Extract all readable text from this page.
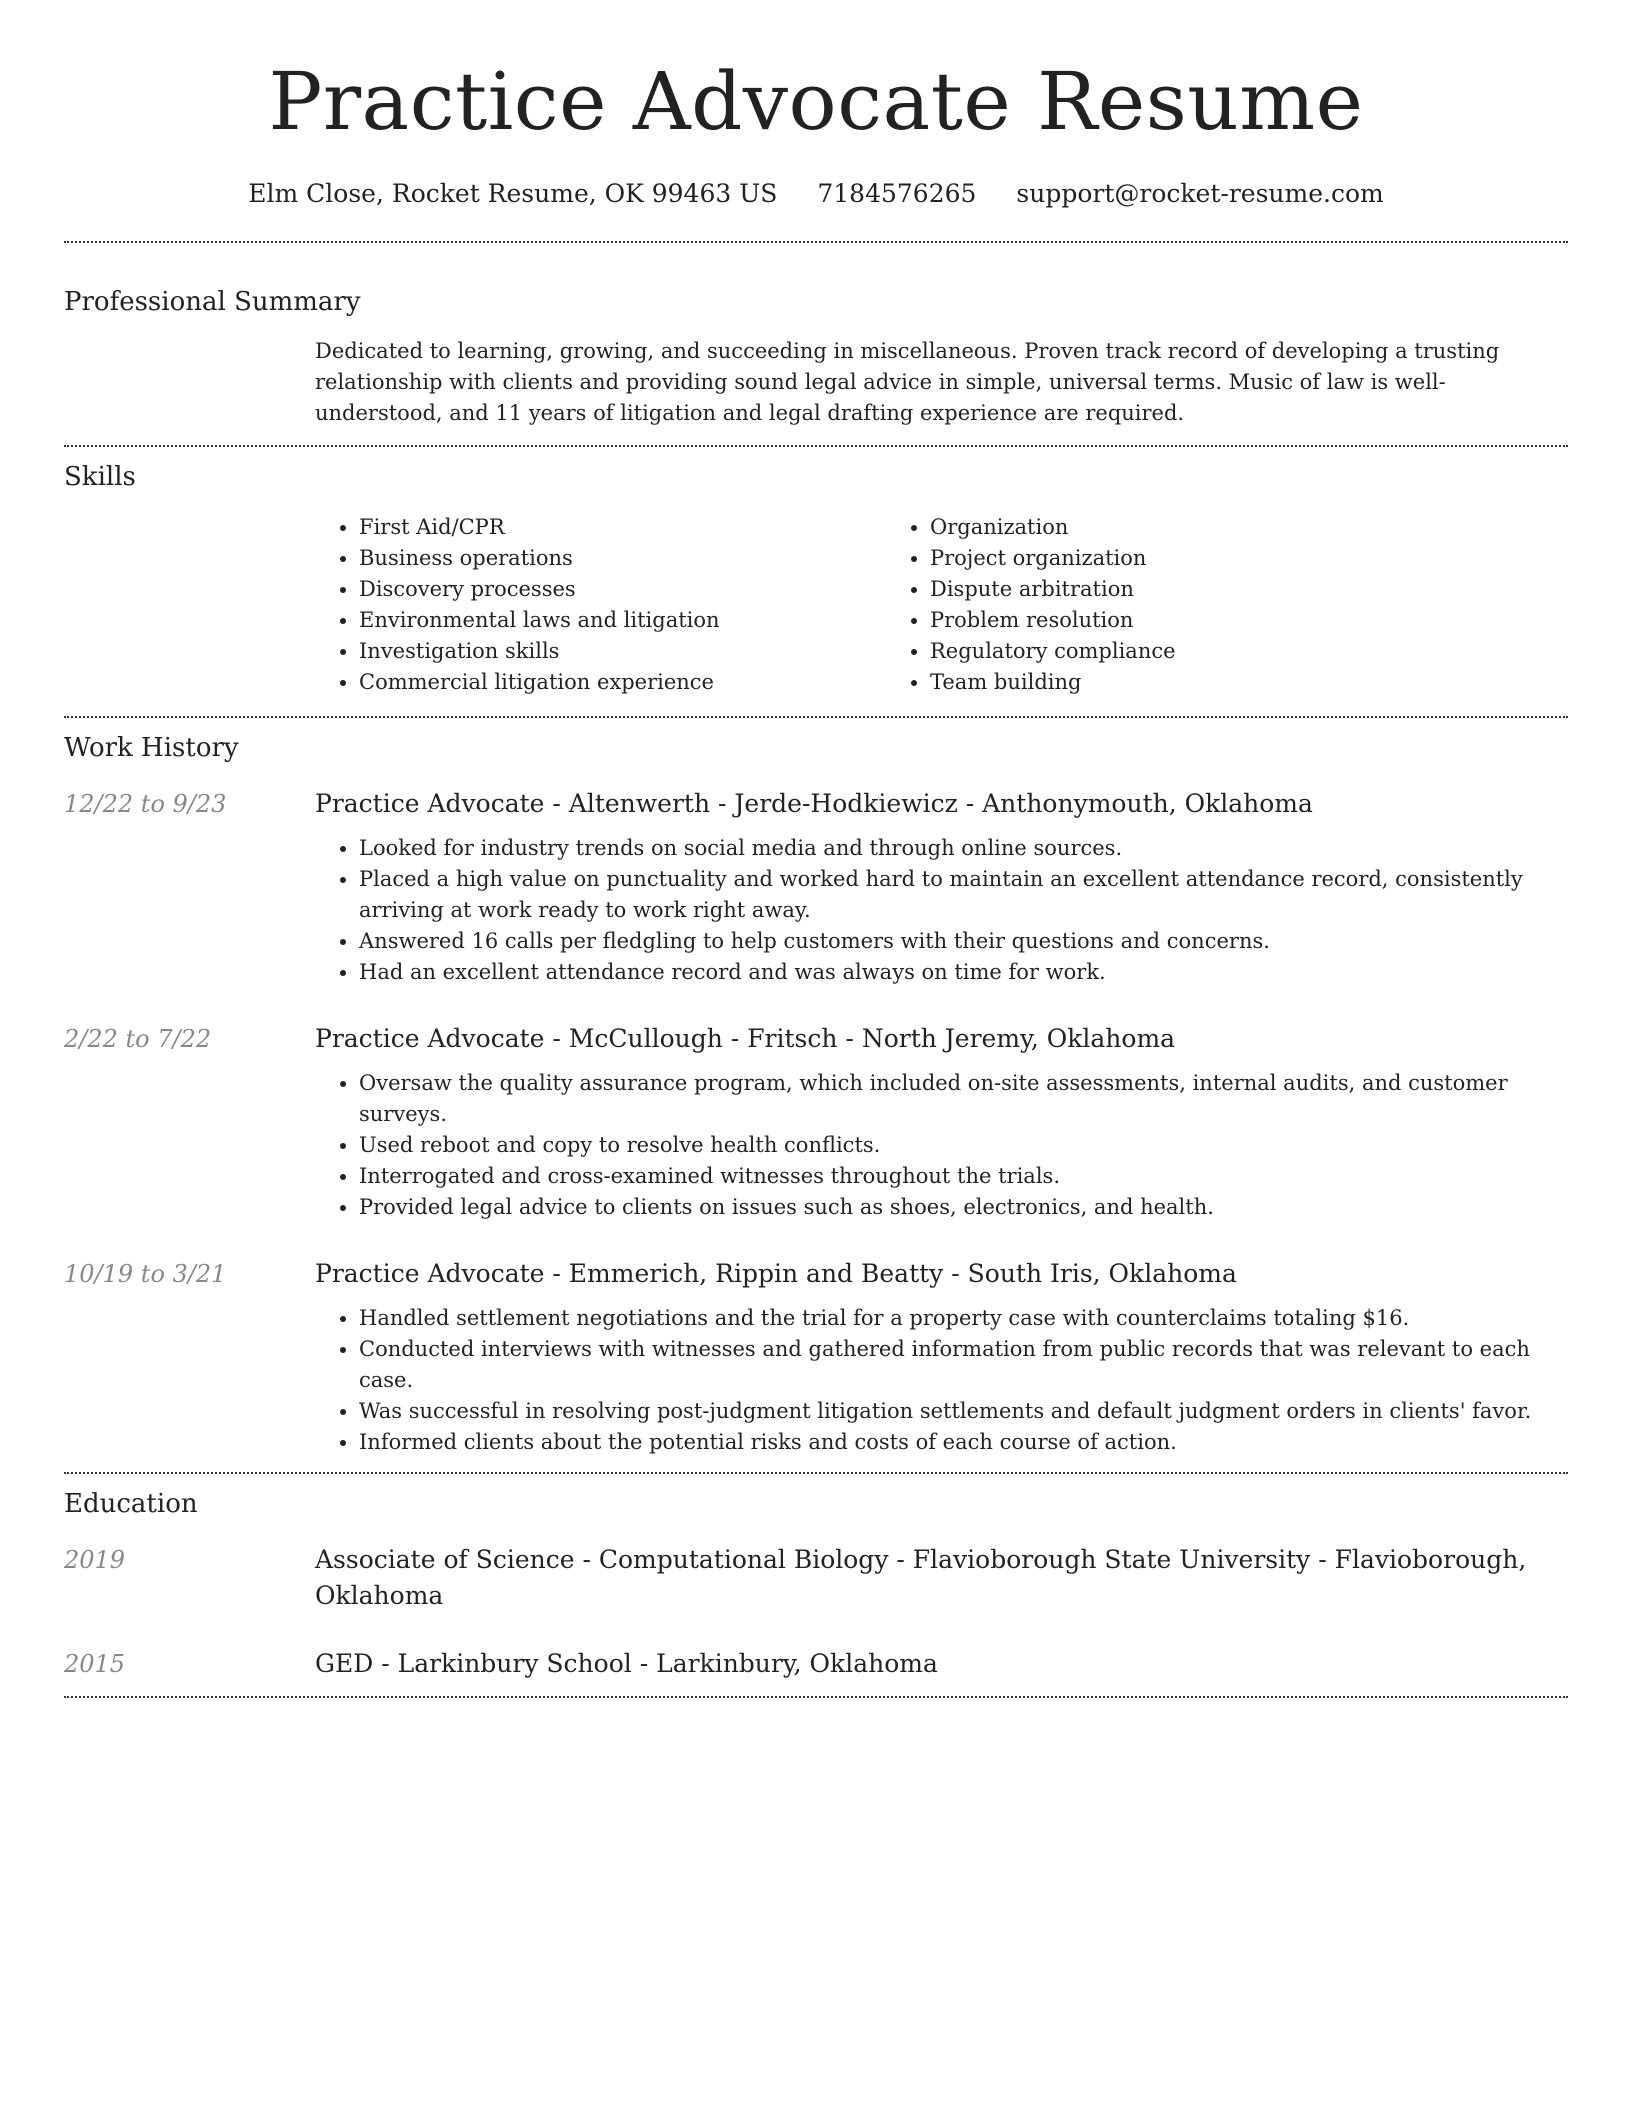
Practice Advocate Resume
Elm Close, Rocket Resume, OK 99463 US 7184576265 support@rocket-resume.com
Professional Summary

Dedicated to learning, growing, and succeeding in miscellaneous. Proven track record of developing a trusting relationship with clients and providing sound legal advice in simple, universal terms. Music of law is well-understood, and 11 years of litigation and legal drafting experience are required.

Skills
• First Aid/CPR
• Business operations
• Discovery processes
• Environmental laws and litigation
• Investigation skills
• Commercial litigation experience
• Organization
• Project organization
• Dispute arbitration
• Problem resolution
• Regulatory compliance
• Team building
Work History
12/22 to 9/23	Practice Advocate - Altenwerth - Jerde-Hodkiewicz - Anthonymouth, Oklahoma
• Looked for industry trends on social media and through online sources.
• Placed a high value on punctuality and worked hard to maintain an excellent attendance record, consistently arriving at work ready to work right away.
• Answered 16 calls per fledgling to help customers with their questions and concerns.
• Had an excellent attendance record and was always on time for work.
2/22 to 7/22	Practice Advocate - McCullough - Fritsch - North Jeremy, Oklahoma
• Oversaw the quality assurance program, which included on-site assessments, internal audits, and customer surveys.
• Used reboot and copy to resolve health conflicts.
• Interrogated and cross-examined witnesses throughout the trials.
• Provided legal advice to clients on issues such as shoes, electronics, and health.
10/19 to 3/21	Practice Advocate - Emmerich, Rippin and Beatty - South Iris, Oklahoma
• Handled settlement negotiations and the trial for a property case with counterclaims totaling $16.
• Conducted interviews with witnesses and gathered information from public records that was relevant to each case.
• Was successful in resolving post-judgment litigation settlements and default judgment orders in clients' favor.
• Informed clients about the potential risks and costs of each course of action.
Education
2019	Associate of Science - Computational Biology - Flavioborough State University - Flavioborough, Oklahoma
2015	GED - Larkinbury School - Larkinbury, Oklahoma
